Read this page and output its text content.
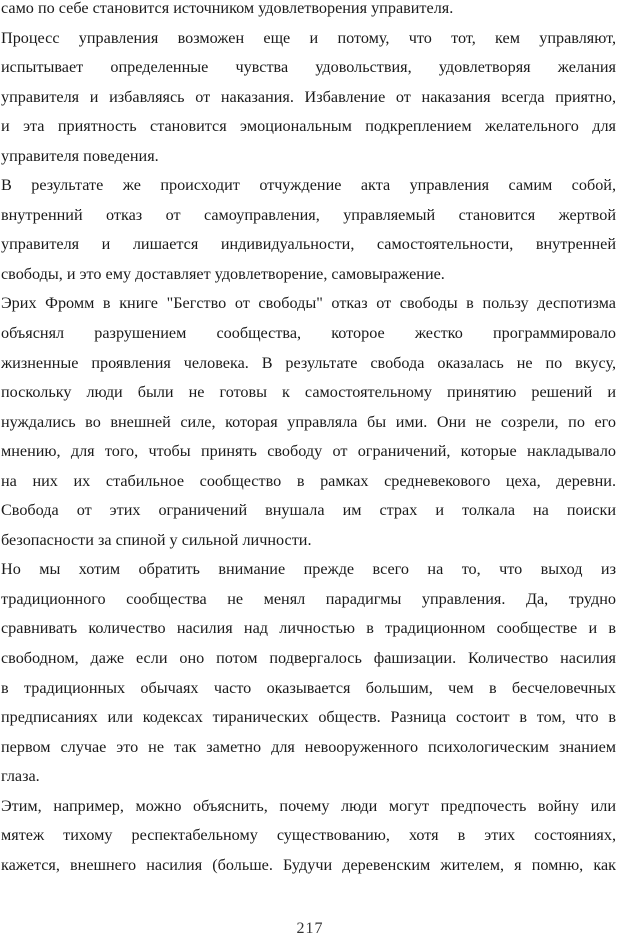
само по себе становится источником удовлетворения управителя.
Процесс управления возможен еще и потому, что тот, кем управляют,
испытывает определенные чувства удовольствия, удовлетворяя желания
управителя и избавляясь от наказания. Избавление от наказания всегда приятно,
и эта приятность становится эмоциональным подкреплением желательного для
управителя поведения.
В результате же происходит отчуждение акта управления самим собой,
внутренний отказ от самоуправления, управляемый становится жертвой
управителя и лишается индивидуальности, самостоятельности, внутренней
свободы, и это ему доставляет удовлетворение, самовыражение.
Эрих Фромм в книге "Бегство от свободы" отказ от свободы в пользу деспотизма
объяснял разрушением сообщества, которое жестко программировало
жизненные проявления человека. В результате свобода оказалась не по вкусу,
поскольку люди были не готовы к самостоятельному принятию решений и
нуждались во внешней силе, которая управляла бы ими. Они не созрели, по его
мнению, для того, чтобы принять свободу от ограничений, которые накладывало
на них их стабильное сообщество в рамках средневекового цеха, деревни.
Свобода от этих ограничений внушала им страх и толкала на поиски
безопасности за спиной у сильной личности.
Но мы хотим обратить внимание прежде всего на то, что выход из
традиционного сообщества не менял парадигмы управления. Да, трудно
сравнивать количество насилия над личностью в традиционном сообществе и в
свободном, даже если оно потом подвергалось фашизации. Количество насилия
в традиционных обычаях часто оказывается большим, чем в бесчеловечных
предписаниях или кодексах тиранических обществ. Разница состоит в том, что в
первом случае это не так заметно для невооруженного психологическим знанием
глаза.
Этим, например, можно объяснить, почему люди могут предпочесть войну или
мятеж тихому респектабельному существованию, хотя в этих состояниях,
кажется, внешнего насилия (больше. Будучи деревенским жителем, я помню, как
217
